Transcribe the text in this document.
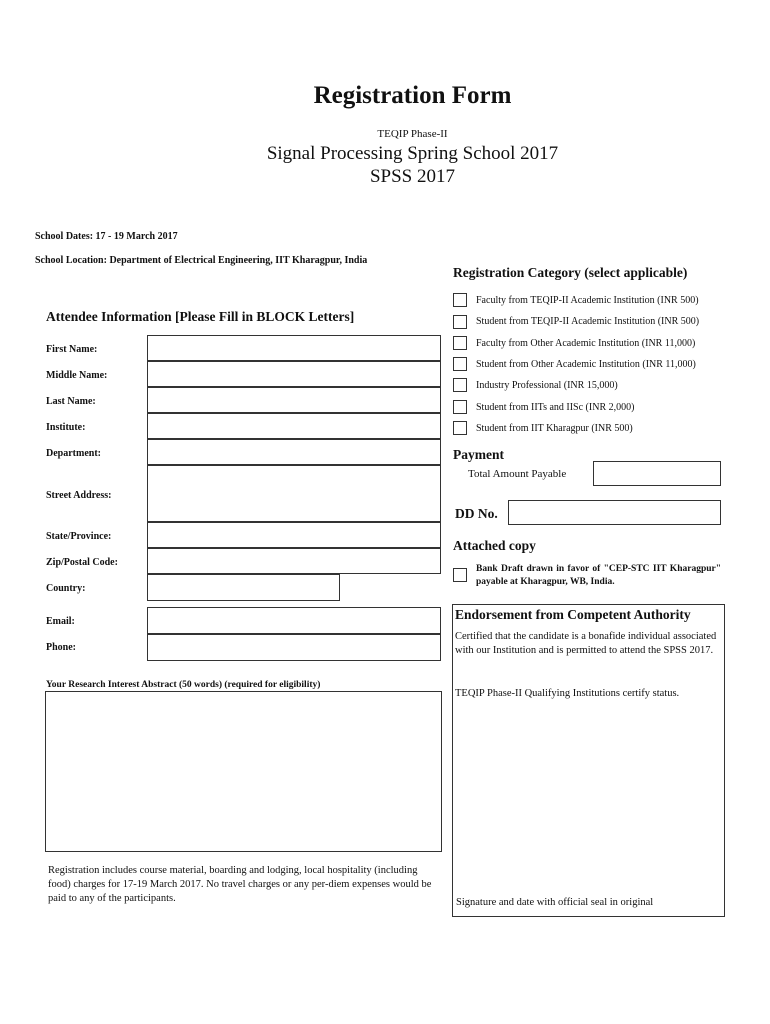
Registration Form
TEQIP Phase-II
Signal Processing Spring School 2017
SPSS 2017
School Dates: 17 - 19 March 2017
School Location: Department of Electrical Engineering, IIT Kharagpur, India
Attendee Information [Please Fill in BLOCK Letters]
First Name:
Middle Name:
Last Name:
Institute:
Department:
Street Address:
State/Province:
Zip/Postal Code:
Country:
Email:
Phone:
Your Research Interest Abstract (50 words) (required for eligibility)
Registration includes course material, boarding and lodging, local hospitality (including food) charges for 17-19 March 2017. No travel charges or any per-diem expenses would be paid to any of the participants.
Registration Category (select applicable)
Faculty from TEQIP-II Academic Institution (INR 500)
Student from TEQIP-II Academic Institution (INR 500)
Faculty from Other Academic Institution (INR 11,000)
Student from Other Academic Institution (INR 11,000)
Industry Professional (INR 15,000)
Student from IITs and IISc (INR 2,000)
Student from IIT Kharagpur (INR 500)
Payment
Total Amount Payable
DD No.
Attached copy
Bank Draft drawn in favor of "CEP-STC IIT Kharagpur" payable at Kharagpur, WB, India.
Endorsement from Competent Authority
Certified that the candidate is a bonafide individual associated with our Institution and is permitted to attend the SPSS 2017.
TEQIP Phase-II Qualifying Institutions certify status.
Signature and date with official seal in original
